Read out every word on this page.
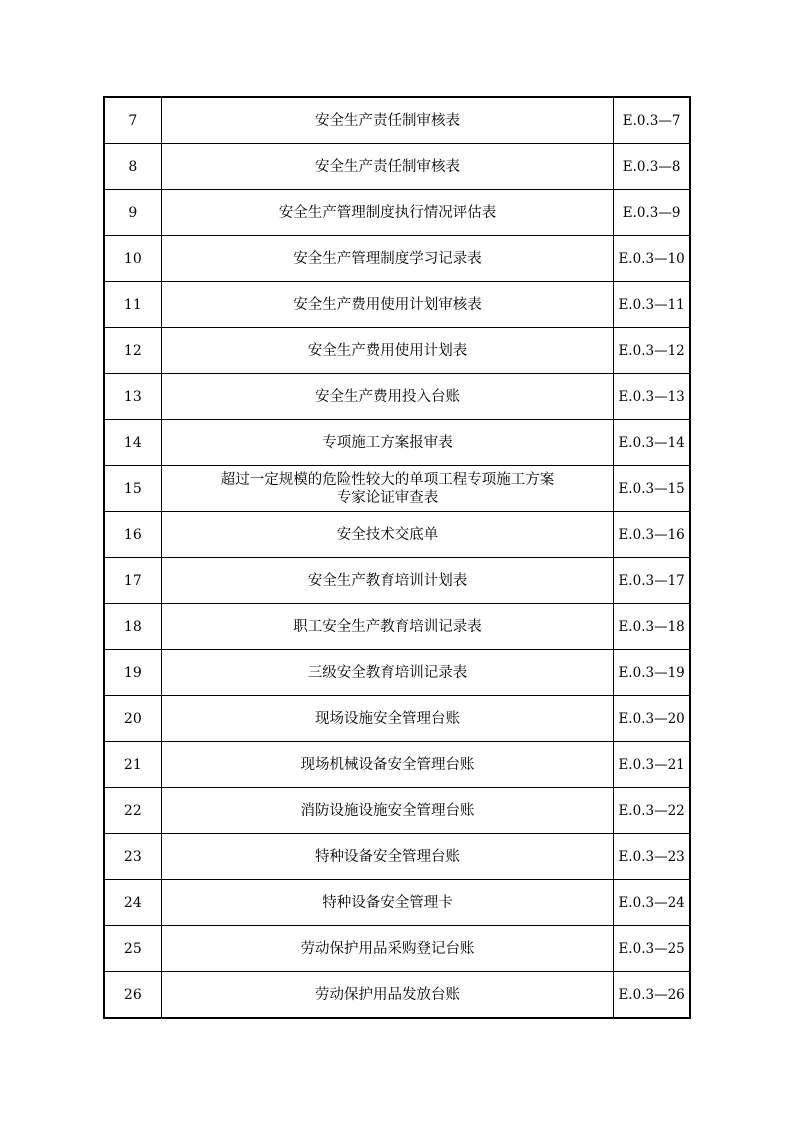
7	安全生产责任制审核表	E.0.3—7
8	安全生产责任制审核表	E.0.3—8
9	安全生产管理制度执行情况评估表	E.0.3—9
10	安全生产管理制度学习记录表	E.0.3—10
11	安全生产费用使用计划审核表	E.0.3—11
12	安全生产费用使用计划表	E.0.3—12
13	安全生产费用投入台账	E.0.3—13
14	专项施工方案报审表	E.0.3—14
15	超过一定规模的危险性较大的单项工程专项施工方案
专家论证审查表	E.0.3—15
16	安全技术交底单	E.0.3—16
17	安全生产教育培训计划表	E.0.3—17
18	职工安全生产教育培训记录表	E.0.3—18
19	三级安全教育培训记录表	E.0.3—19
20	现场设施安全管理台账	E.0.3—20
21	现场机械设备安全管理台账	E.0.3—21
22	消防设施设施安全管理台账	E.0.3—22
23	特种设备安全管理台账	E.0.3—23
24	特种设备安全管理卡	E.0.3—24
25	劳动保护用品采购登记台账	E.0.3—25
26	劳动保护用品发放台账	E.0.3—26
